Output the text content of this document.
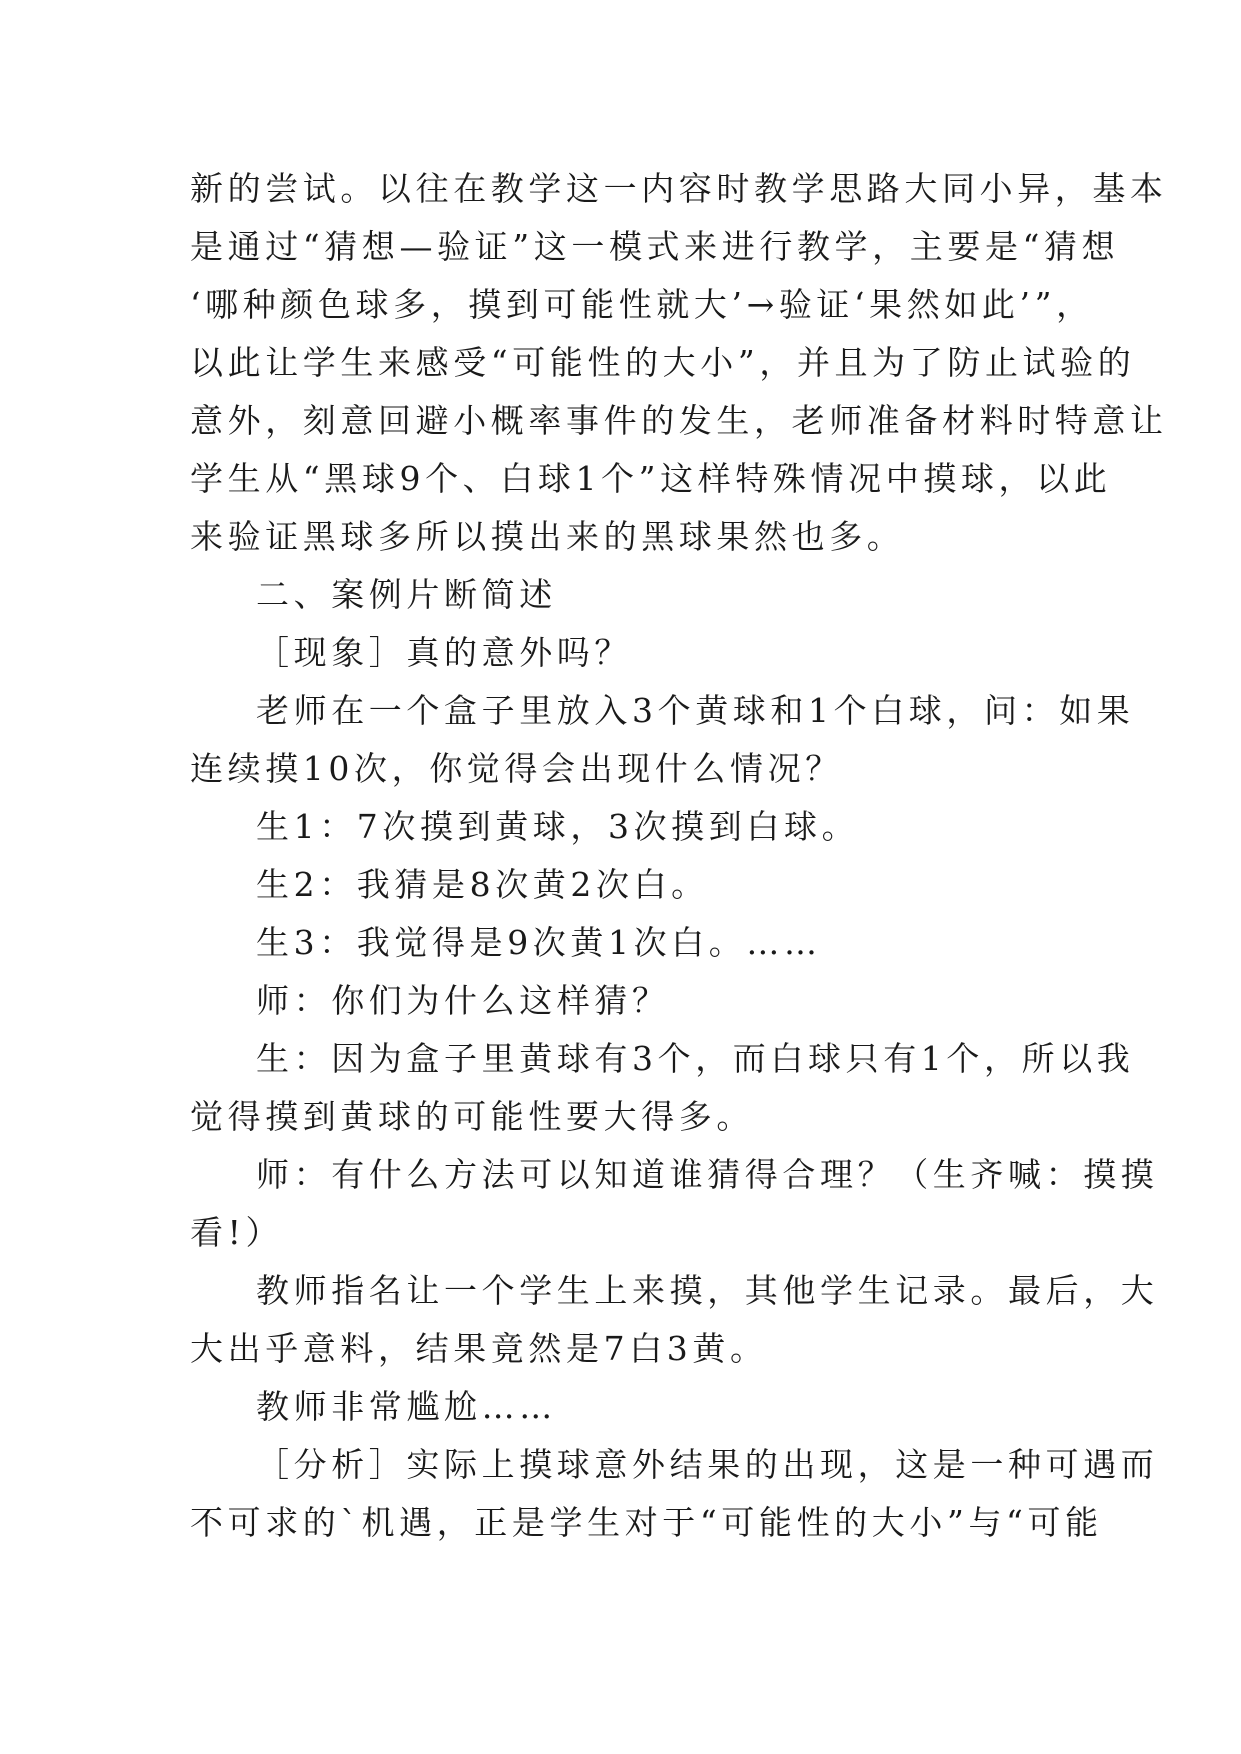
新的尝试。以往在教学这一内容时教学思路大同小异，基本
是通过“猜想—验证”这一模式来进行教学，主要是“猜想
‘哪种颜色球多，摸到可能性就大’→验证‘果然如此’”，
以此让学生来感受“可能性的大小”，并且为了防止试验的
意外，刻意回避小概率事件的发生，老师准备材料时特意让
学生从“黑球9个、白球1个”这样特殊情况中摸球，以此
来验证黑球多所以摸出来的黑球果然也多。
二、案例片断简述
［现象］真的意外吗？
老师在一个盒子里放入3个黄球和1个白球，问：如果
连续摸10次，你觉得会出现什么情况？
生1：7次摸到黄球，3次摸到白球。
生2：我猜是8次黄2次白。
生3：我觉得是9次黄1次白。……
师：你们为什么这样猜？
生：因为盒子里黄球有3个，而白球只有1个，所以我
觉得摸到黄球的可能性要大得多。
师：有什么方法可以知道谁猜得合理？（生齐喊：摸摸
看!）
教师指名让一个学生上来摸，其他学生记录。最后，大
大出乎意料，结果竟然是7白3黄。
教师非常尴尬……
［分析］实际上摸球意外结果的出现，这是一种可遇而
不可求的`机遇，正是学生对于“可能性的大小”与“可能
